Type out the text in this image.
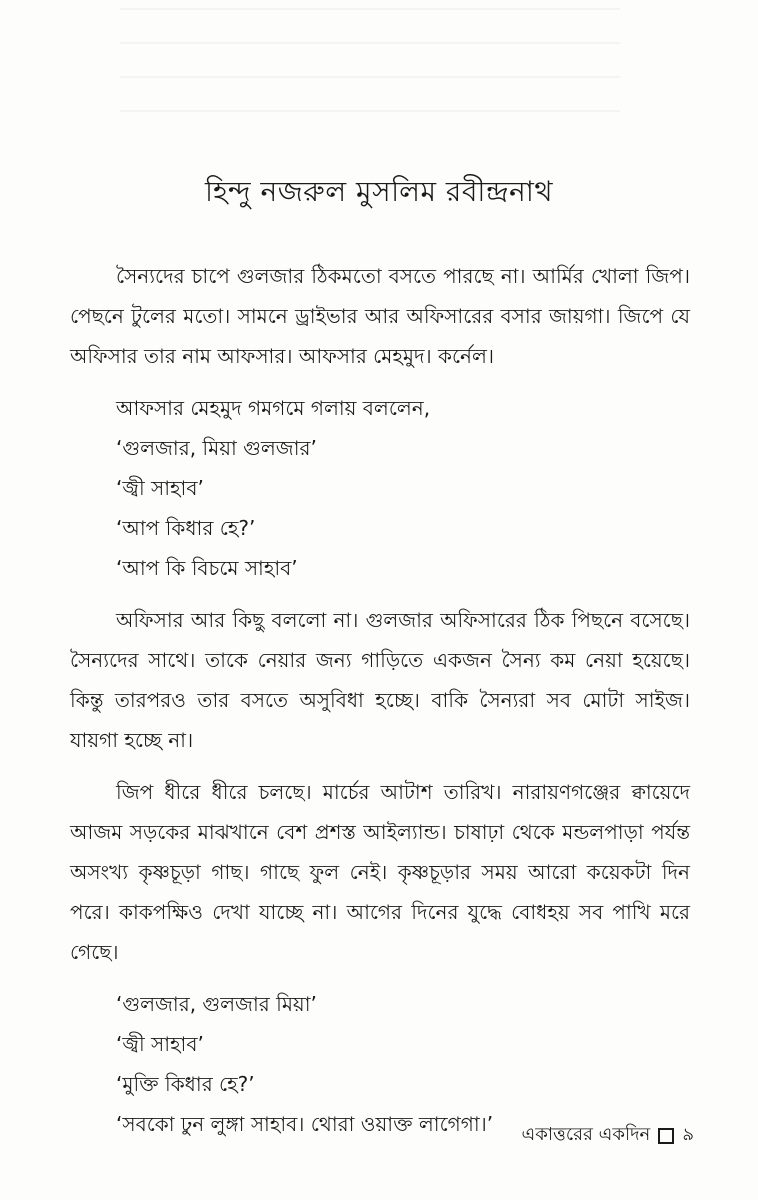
হিন্দু নজরুল মুসলিম রবীন্দ্রনাথ

সৈন্যদের চাপে গুলজার ঠিকমতো বসতে পারছে না। আর্মির খোলা জিপ। পেছনে টুলের মতো। সামনে ড্রাইভার আর অফিসারের বসার জায়গা। জিপে যে অফিসার তার নাম আফসার। আফসার মেহমুদ। কর্নেল।

আফসার মেহমুদ গমগমে গলায় বললেন,

‘গুলজার, মিয়া গুলজার’

‘জ্বী সাহাব’

‘আপ কিধার হে?’

‘আপ কি বিচমে সাহাব’

অফিসার আর কিছু বললো না। গুলজার অফিসারের ঠিক পিছনে বসেছে। সৈন্যদের সাথে। তাকে নেয়ার জন্য গাড়িতে একজন সৈন্য কম নেয়া হয়েছে। কিন্তু তারপরও তার বসতে অসুবিধা হচ্ছে। বাকি সৈন্যরা সব মোটা সাইজ। যায়গা হচ্ছে না।

জিপ ধীরে ধীরে চলছে। মার্চের আটাশ তারিখ। নারায়ণগঞ্জের ক্বায়েদে আজম সড়কের মাঝখানে বেশ প্রশস্ত আইল্যান্ড। চাষাঢ়া থেকে মন্ডলপাড়া পর্যন্ত অসংখ্য কৃষ্ণচূড়া গাছ। গাছে ফুল নেই। কৃষ্ণচূড়ার সময় আরো কয়েকটা দিন পরে। কাকপক্ষিও দেখা যাচ্ছে না। আগের দিনের যুদ্ধে বোধহয় সব পাখি মরে গেছে।

‘গুলজার, গুলজার মিয়া’

‘জ্বী সাহাব’

‘মুক্তি কিধার হে?’

‘সবকো ঢুন লুঙ্গা সাহাব। থোরা ওয়াক্ত লাগেগা।’	একাত্তরের একদিন ৯
